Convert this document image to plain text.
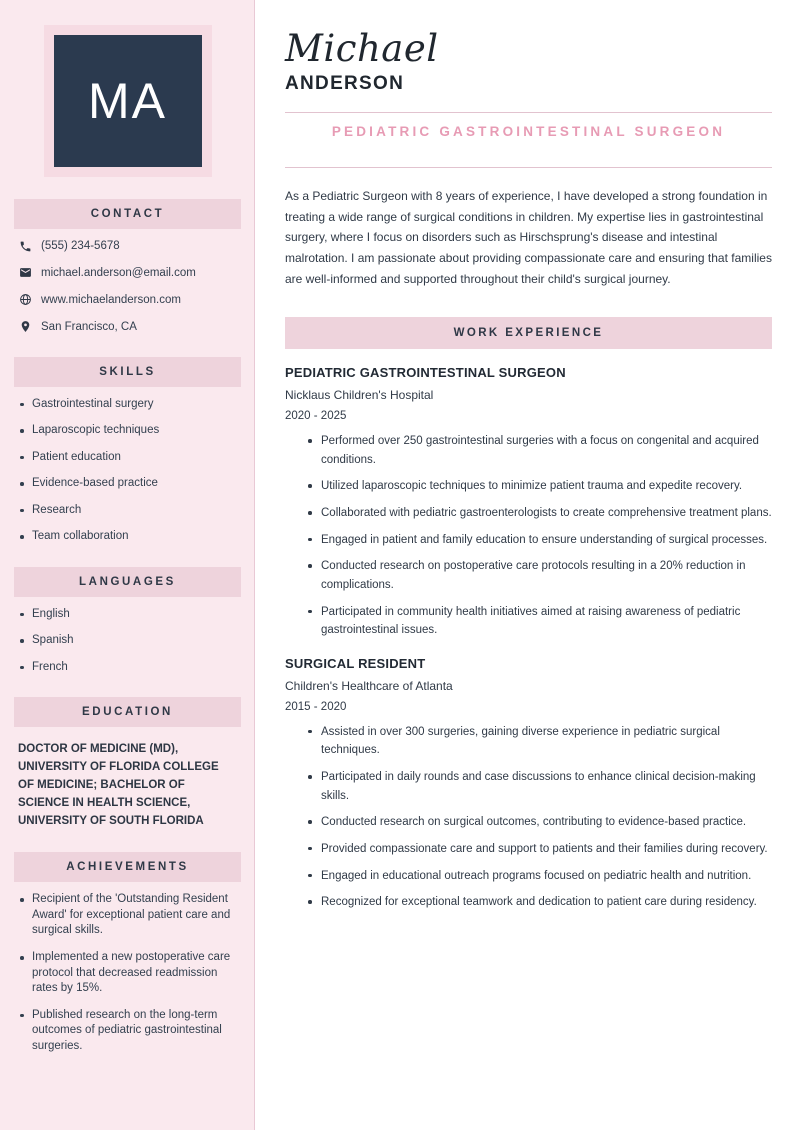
MA
CONTACT
(555) 234-5678
michael.anderson@email.com
www.michaelanderson.com
San Francisco, CA
SKILLS
Gastrointestinal surgery
Laparoscopic techniques
Patient education
Evidence-based practice
Research
Team collaboration
LANGUAGES
English
Spanish
French
EDUCATION
DOCTOR OF MEDICINE (MD), UNIVERSITY OF FLORIDA COLLEGE OF MEDICINE; BACHELOR OF SCIENCE IN HEALTH SCIENCE, UNIVERSITY OF SOUTH FLORIDA
ACHIEVEMENTS
Recipient of the 'Outstanding Resident Award' for exceptional patient care and surgical skills.
Implemented a new postoperative care protocol that decreased readmission rates by 15%.
Published research on the long-term outcomes of pediatric gastrointestinal surgeries.
Michael
ANDERSON
PEDIATRIC GASTROINTESTINAL SURGEON

As a Pediatric Surgeon with 8 years of experience, I have developed a strong foundation in treating a wide range of surgical conditions in children. My expertise lies in gastrointestinal surgery, where I focus on disorders such as Hirschsprung's disease and intestinal malrotation. I am passionate about providing compassionate care and ensuring that families are well-informed and supported throughout their child's surgical journey.

WORK EXPERIENCE
PEDIATRIC GASTROINTESTINAL SURGEON
Nicklaus Children's Hospital
2020 - 2025
Performed over 250 gastrointestinal surgeries with a focus on congenital and acquired conditions.
Utilized laparoscopic techniques to minimize patient trauma and expedite recovery.
Collaborated with pediatric gastroenterologists to create comprehensive treatment plans.
Engaged in patient and family education to ensure understanding of surgical processes.
Conducted research on postoperative care protocols resulting in a 20% reduction in complications.
Participated in community health initiatives aimed at raising awareness of pediatric gastrointestinal issues.
SURGICAL RESIDENT
Children's Healthcare of Atlanta
2015 - 2020
Assisted in over 300 surgeries, gaining diverse experience in pediatric surgical techniques.
Participated in daily rounds and case discussions to enhance clinical decision-making skills.
Conducted research on surgical outcomes, contributing to evidence-based practice.
Provided compassionate care and support to patients and their families during recovery.
Engaged in educational outreach programs focused on pediatric health and nutrition.
Recognized for exceptional teamwork and dedication to patient care during residency.
